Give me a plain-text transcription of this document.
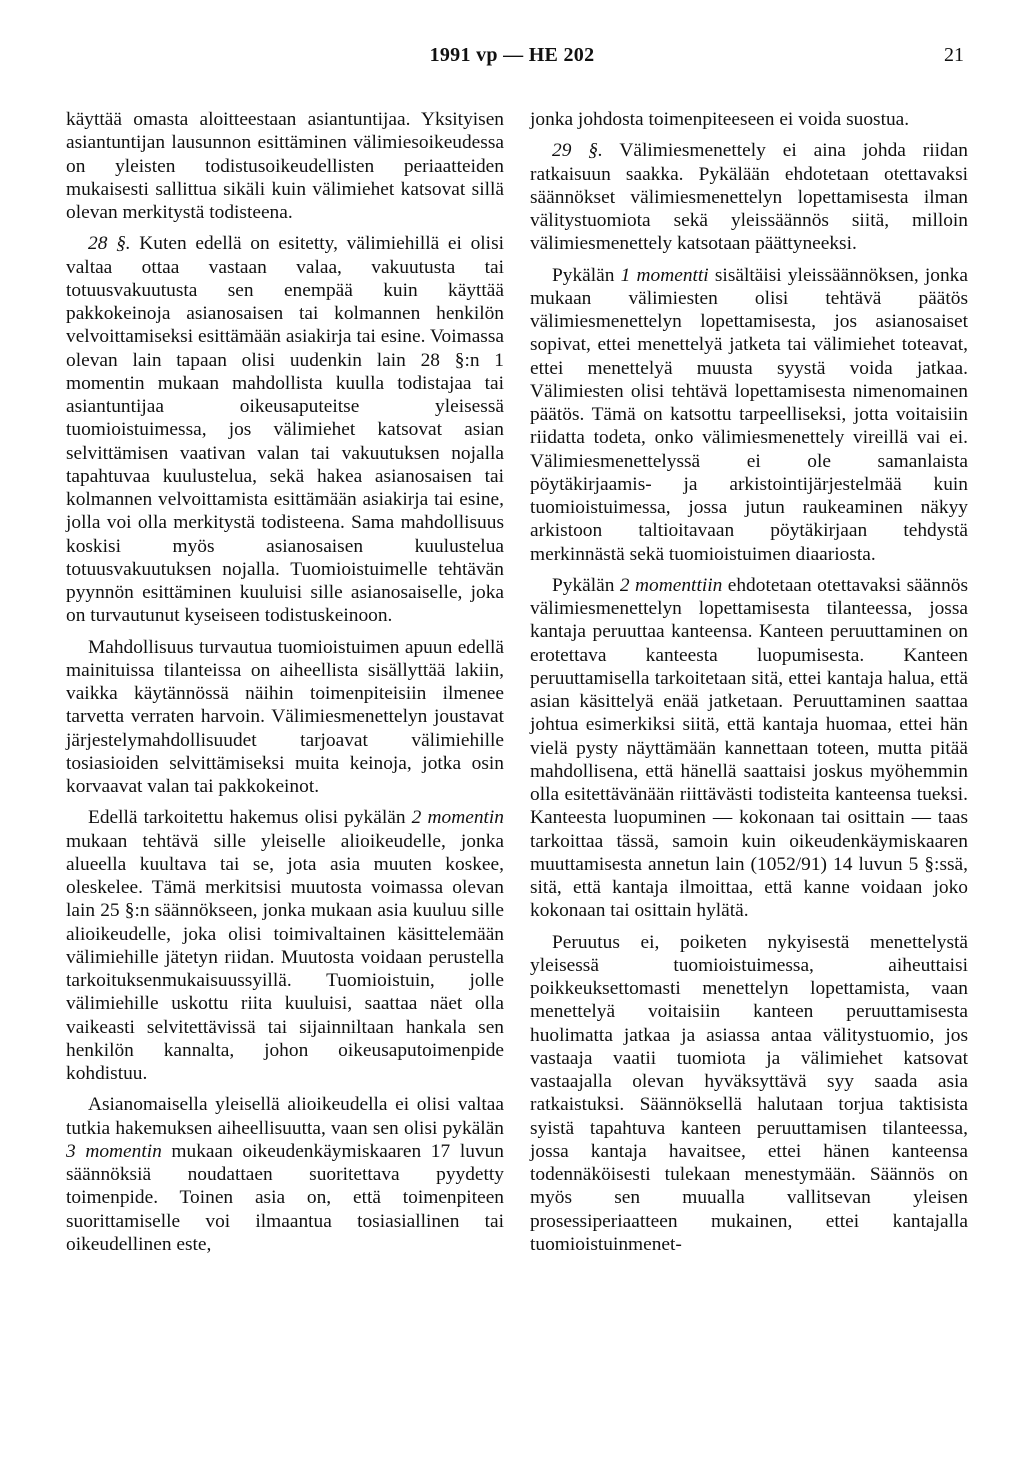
1991 vp — HE 202	21

käyttää omasta aloitteestaan asiantuntijaa. Yksityisen asiantuntijan lausunnon esittäminen välimiesoikeudessa on yleisten todistusoikeudellisten periaatteiden mukaisesti sallittua sikäli kuin välimiehet katsovat sillä olevan merkitystä todisteena.

28 §. Kuten edellä on esitetty, välimiehillä ei olisi valtaa ottaa vastaan valaa, vakuutusta tai totuusvakuutusta sen enempää kuin käyttää pakkokeinoja asianosaisen tai kolmannen henkilön velvoittamiseksi esittämään asiakirja tai esine. Voimassa olevan lain tapaan olisi uudenkin lain 28 §:n 1 momentin mukaan mahdollista kuulla todistajaa tai asiantuntijaa oikeusaputeitse yleisessä tuomioistuimessa, jos välimiehet katsovat asian selvittämisen vaativan valan tai vakuutuksen nojalla tapahtuvaa kuulustelua, sekä hakea asianosaisen tai kolmannen velvoittamista esittämään asiakirja tai esine, jolla voi olla merkitystä todisteena. Sama mahdollisuus koskisi myös asianosaisen kuulustelua totuusvakuutuksen nojalla. Tuomioistuimelle tehtävän pyynnön esittäminen kuuluisi sille asianosaiselle, joka on turvautunut kyseiseen todistuskeinoon.

Mahdollisuus turvautua tuomioistuimen apuun edellä mainituissa tilanteissa on aiheellista sisällyttää lakiin, vaikka käytännössä näihin toimenpiteisiin ilmenee tarvetta verraten harvoin. Välimiesmenettelyn joustavat järjestelymahdollisuudet tarjoavat välimiehille tosiasioiden selvittämiseksi muita keinoja, jotka osin korvaavat valan tai pakkokeinot.

Edellä tarkoitettu hakemus olisi pykälän 2 momentin mukaan tehtävä sille yleiselle alioikeudelle, jonka alueella kuultava tai se, jota asia muuten koskee, oleskelee. Tämä merkitsisi muutosta voimassa olevan lain 25 §:n säännökseen, jonka mukaan asia kuuluu sille alioikeudelle, joka olisi toimivaltainen käsittelemään välimiehille jätetyn riidan. Muutosta voidaan perustella tarkoituksenmukaisuussyillä. Tuomioistuin, jolle välimiehille uskottu riita kuuluisi, saattaa näet olla vaikeasti selvitettävissä tai sijainniltaan hankala sen henkilön kannalta, johon oikeusaputoimenpide kohdistuu.

Asianomaisella yleisellä alioikeudella ei olisi valtaa tutkia hakemuksen aiheellisuutta, vaan sen olisi pykälän 3 momentin mukaan oikeudenkäymiskaaren 17 luvun säännöksiä noudattaen suoritettava pyydetty toimenpide. Toinen asia on, että toimenpiteen suorittamiselle voi ilmaantua tosiasiallinen tai oikeudellinen este,

jonka johdosta toimenpiteeseen ei voida suostua.

29 §. Välimiesmenettely ei aina johda riidan ratkaisuun saakka. Pykälään ehdotetaan otettavaksi säännökset välimiesmenettelyn lopettamisesta ilman välitystuomiota sekä yleissäännös siitä, milloin välimiesmenettely katsotaan päättyneeksi.

Pykälän 1 momentti sisältäisi yleissäännöksen, jonka mukaan välimiesten olisi tehtävä päätös välimiesmenettelyn lopettamisesta, jos asianosaiset sopivat, ettei menettelyä jatketa tai välimiehet toteavat, ettei menettelyä muusta syystä voida jatkaa. Välimiesten olisi tehtävä lopettamisesta nimenomainen päätös. Tämä on katsottu tarpeelliseksi, jotta voitaisiin riidatta todeta, onko välimiesmenettely vireillä vai ei. Välimiesmenettelyssä ei ole samanlaista pöytäkirjaamis- ja arkistointijärjestelmää kuin tuomioistuimessa, jossa jutun raukeaminen näkyy arkistoon taltioitavaan pöytäkirjaan tehdystä merkinnästä sekä tuomioistuimen diaariosta.

Pykälän 2 momenttiin ehdotetaan otettavaksi säännös välimiesmenettelyn lopettamisesta tilanteessa, jossa kantaja peruuttaa kanteensa. Kanteen peruuttaminen on erotettava kanteesta luopumisesta. Kanteen peruuttamisella tarkoitetaan sitä, ettei kantaja halua, että asian käsittelyä enää jatketaan. Peruuttaminen saattaa johtua esimerkiksi siitä, että kantaja huomaa, ettei hän vielä pysty näyttämään kannettaan toteen, mutta pitää mahdollisena, että hänellä saattaisi joskus myöhemmin olla esitettävänään riittävästi todisteita kanteensa tueksi. Kanteesta luopuminen — kokonaan tai osittain — taas tarkoittaa tässä, samoin kuin oikeudenkäymiskaaren muuttamisesta annetun lain (1052/91) 14 luvun 5 §:ssä, sitä, että kantaja ilmoittaa, että kanne voidaan joko kokonaan tai osittain hylätä.

Peruutus ei, poiketen nykyisestä menettelystä yleisessä tuomioistuimessa, aiheuttaisi poikkeuksettomasti menettelyn lopettamista, vaan menettelyä voitaisiin kanteen peruuttamisesta huolimatta jatkaa ja asiassa antaa välitystuomio, jos vastaaja vaatii tuomiota ja välimiehet katsovat vastaajalla olevan hyväksyttävä syy saada asia ratkaistuksi. Säännöksellä halutaan torjua taktisista syistä tapahtuva kanteen peruuttamisen tilanteessa, jossa kantaja havaitsee, ettei hänen kanteensa todennäköisesti tulekaan menestymään. Säännös on myös sen muualla vallitsevan yleisen prosessiperiaatteen mukainen, ettei kantajalla tuomioistuinmenet-
